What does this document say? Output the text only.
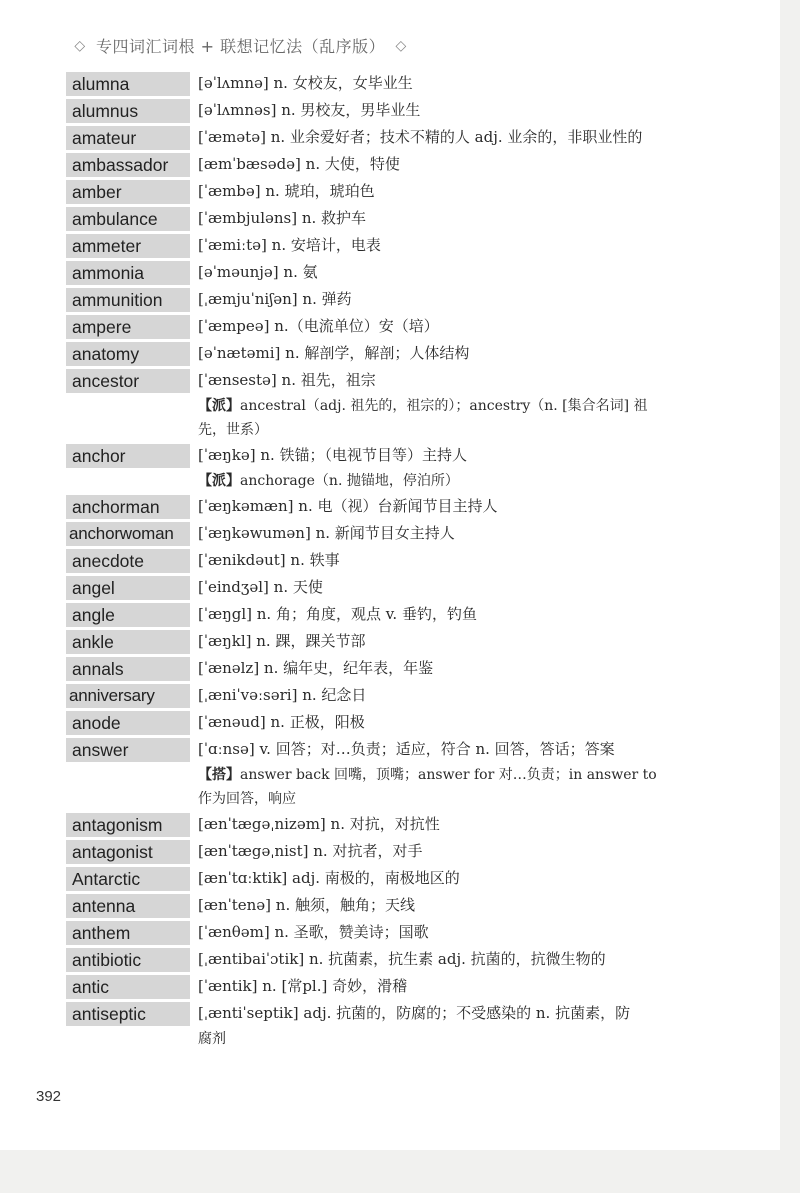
◇ 专四词汇词根 + 联想记忆法（乱序版） ◇
alumna	[əˈlʌmnə] n. 女校友，女毕业生
alumnus	[əˈlʌmnəs] n. 男校友，男毕业生
amateur	[ˈæmətə] n. 业余爱好者；技术不精的人 adj. 业余的，非职业性的
ambassador	[æmˈbæsədə] n. 大使，特使
amber	[ˈæmbə] n. 琥珀，琥珀色
ambulance	[ˈæmbjuləns] n. 救护车
ammeter	[ˈæmiːtə] n. 安培计，电表
ammonia	[əˈməunjə] n. 氨
ammunition	[ˌæmjuˈniʃən] n. 弹药
ampere	[ˈæmpeə] n.（电流单位）安（培）
anatomy	[əˈnætəmi] n. 解剖学，解剖；人体结构
ancestor	[ˈænsestə] n. 祖先，祖宗
【派】ancestral（adj. 祖先的，祖宗的）；ancestry（n. [集合名词] 祖
先，世系）
anchor	[ˈæŋkə] n. 铁锚；（电视节目等）主持人
【派】anchorage（n. 抛锚地，停泊所）
anchorman	[ˈæŋkəmæn] n. 电（视）台新闻节目主持人
anchorwoman	[ˈæŋkəwumən] n. 新闻节目女主持人
anecdote	[ˈænikdəut] n. 轶事
angel	[ˈeindʒəl] n. 天使
angle	[ˈæŋgl] n. 角；角度，观点 v. 垂钓，钓鱼
ankle	[ˈæŋkl] n. 踝，踝关节部
annals	[ˈænəlz] n. 编年史，纪年表，年鉴
anniversary	[ˌæniˈvəːsəri] n. 纪念日
anode	[ˈænəud] n. 正极，阳极
answer	[ˈɑːnsə] v. 回答；对…负责；适应，符合 n. 回答，答话；答案
【搭】answer back 回嘴，顶嘴；answer for 对…负责；in answer to
作为回答，响应
antagonism	[ænˈtægəˌnizəm] n. 对抗，对抗性
antagonist	[ænˈtægəˌnist] n. 对抗者，对手
Antarctic	[ænˈtɑːktik] adj. 南极的，南极地区的
antenna	[ænˈtenə] n. 触须，触角；天线
anthem	[ˈænθəm] n. 圣歌，赞美诗；国歌
antibiotic	[ˌæntibaiˈɔtik] n. 抗菌素，抗生素 adj. 抗菌的，抗微生物的
antic	[ˈæntik] n. [常pl.] 奇妙，滑稽
antiseptic	[ˌæntiˈseptik] adj. 抗菌的，防腐的；不受感染的 n. 抗菌素，防
腐剂
392
